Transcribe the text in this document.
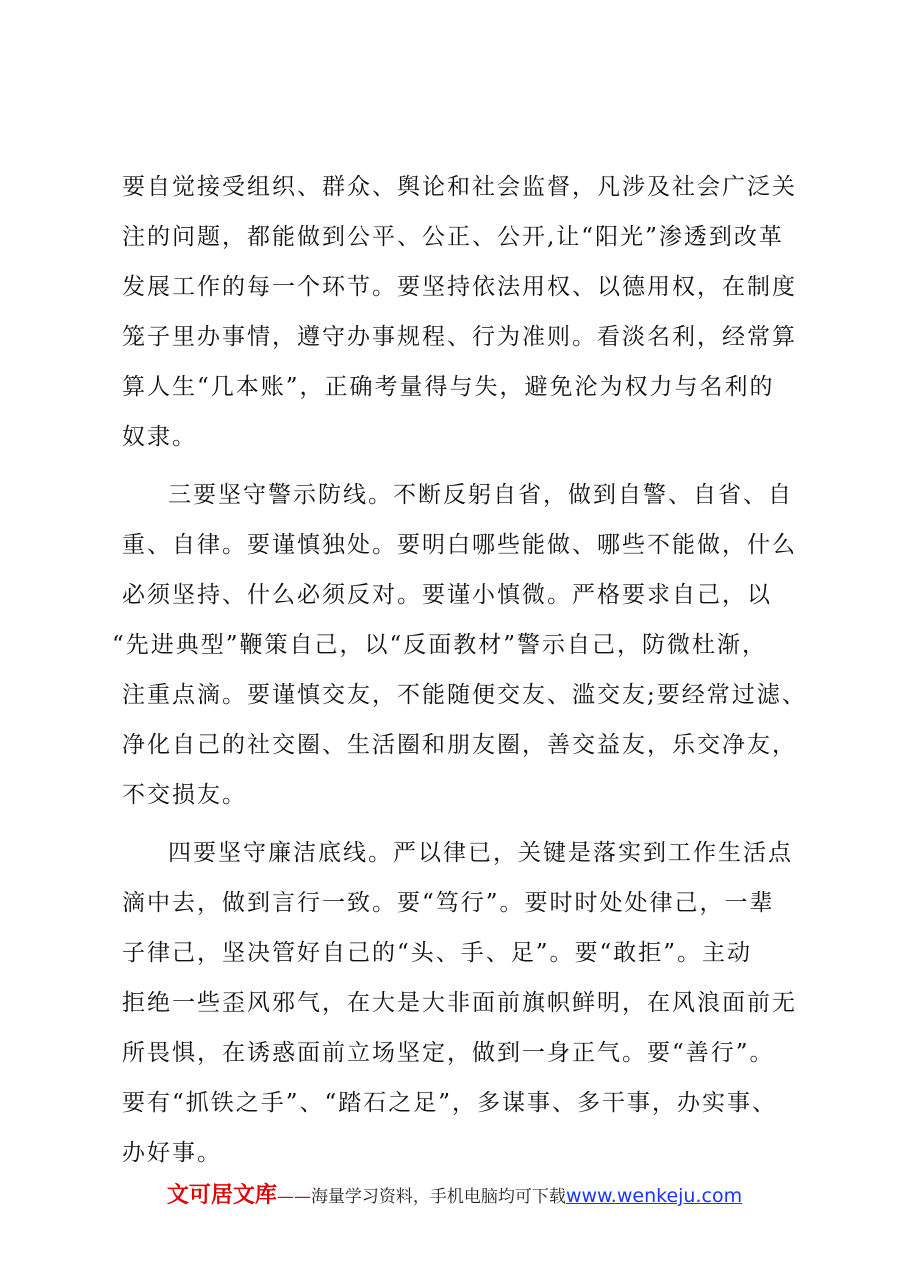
要自觉接受组织、群众、舆论和社会监督，凡涉及社会广泛关
注的问题，都能做到公平、公正、公开,让“阳光”渗透到改革
发展工作的每一个环节。要坚持依法用权、以德用权，在制度
笼子里办事情，遵守办事规程、行为准则。看淡名利，经常算
算人生“几本账”，正确考量得与失，避免沦为权力与名利的
奴隶。
三要坚守警示防线。不断反躬自省，做到自警、自省、自
重、自律。要谨慎独处。要明白哪些能做、哪些不能做，什么
必须坚持、什么必须反对。要谨小慎微。严格要求自己，以
“先进典型”鞭策自己，以“反面教材”警示自己，防微杜渐，
注重点滴。要谨慎交友，不能随便交友、滥交友;要经常过滤、
净化自己的社交圈、生活圈和朋友圈，善交益友，乐交净友，
不交损友。
四要坚守廉洁底线。严以律已，关键是落实到工作生活点
滴中去，做到言行一致。要“笃行”。要时时处处律己，一辈
子律己，坚决管好自己的“头、手、足”。要“敢拒”。主动
拒绝一些歪风邪气，在大是大非面前旗帜鲜明，在风浪面前无
所畏惧，在诱惑面前立场坚定，做到一身正气。要“善行”。
要有“抓铁之手”、“踏石之足”，多谋事、多干事，办实事、
办好事。
文可居文库——海量学习资料，手机电脑均可下载www.wenkeju.com
